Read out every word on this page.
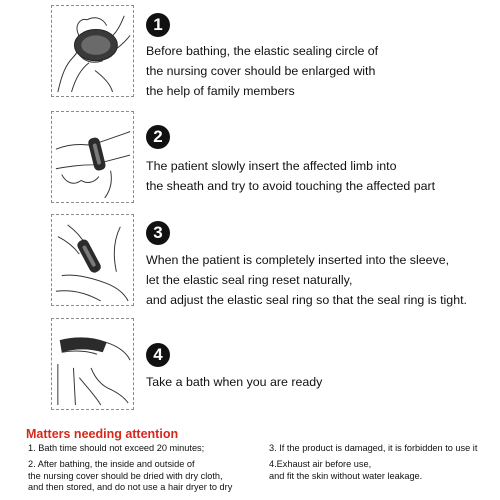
1
Before bathing, the elastic sealing circle of
the nursing cover should be enlarged with
the help of family members
2
The patient slowly insert the affected limb into
the sheath and try to avoid touching the affected part
3
When the patient is completely inserted into the sleeve,
let the elastic seal ring reset naturally,
and adjust the elastic seal ring so that the seal ring is tight.
4
Take a bath when you are ready
Matters needing attention
1. Bath time should not exceed 20 minutes;
2. After bathing, the inside and outside of
the nursing cover should be dried with dry cloth,
and then stored, and do not use a hair dryer to dry
3. If the product is damaged, it is forbidden to use it
4.Exhaust air before use,
and fit the skin without water leakage.
